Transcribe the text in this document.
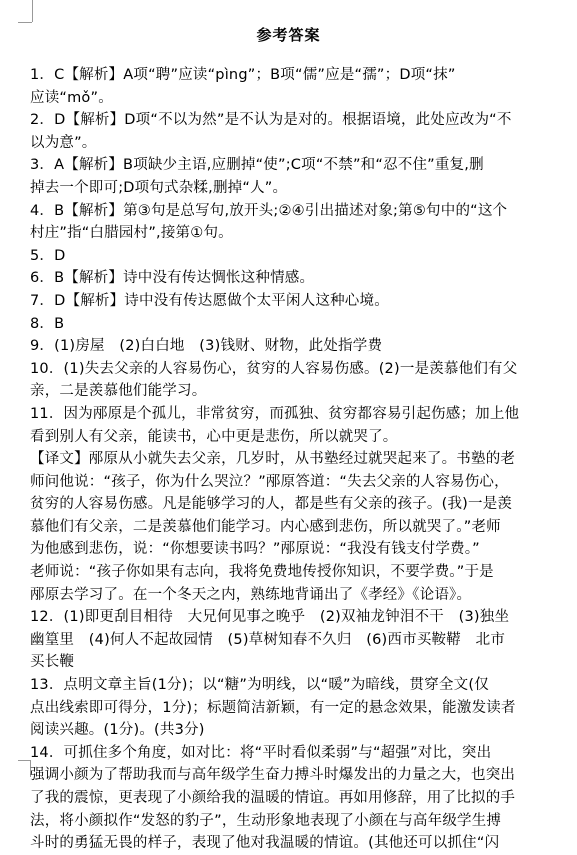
参考答案
1．C【解析】A项“聘”应读“pìng”；B项“儒”应是“孺”；D项“抹”
应读“mǒ”。
2．D【解析】D项“不以为然”是不认为是对的。根据语境，此处应改为“不
以为意”。
3．A【解析】B项缺少主语,应删掉“使”;C项“不禁”和“忍不住”重复,删
掉去一个即可;D项句式杂糅,删掉“人”。
4．B【解析】第③句是总写句,放开头;②④引出描述对象;第⑤句中的“这个
村庄”指“白腊园村”,接第①句。
5．D
6．B【解析】诗中没有传达惆怅这种情感。
7．D【解析】诗中没有传达愿做个太平闲人这种心境。
8．B
9．(1)房屋　(2)白白地　(3)钱财、财物，此处指学费
10．(1)失去父亲的人容易伤心，贫穷的人容易伤感。(2)一是羡慕他们有父
亲，二是羡慕他们能学习。
11．因为邴原是个孤儿，非常贫穷，而孤独、贫穷都容易引起伤感；加上他
看到别人有父亲，能读书，心中更是悲伤，所以就哭了。
【译文】邴原从小就失去父亲，几岁时，从书塾经过就哭起来了。书塾的老
师问他说：“孩子，你为什么哭泣？”邴原答道：“失去父亲的人容易伤心，
贫穷的人容易伤感。凡是能够学习的人，都是些有父亲的孩子。(我)一是羡
慕他们有父亲，二是羡慕他们能学习。内心感到悲伤，所以就哭了。”老师
为他感到悲伤，说：“你想要读书吗？”邴原说：“我没有钱支付学费。”
老师说：“孩子你如果有志向，我将免费地传授你知识，不要学费。”于是
邴原去学习了。在一个冬天之内，熟练地背诵出了《孝经》《论语》。
12．(1)即更刮目相待　大兄何见事之晚乎　(2)双袖龙钟泪不干　(3)独坐
幽篁里　(4)何人不起故园情　(5)草树知春不久归　(6)西市买鞍鞯　北市
买长鞭
13．点明文章主旨(1分)；以“糖”为明线，以“暖”为暗线，贯穿全文(仅
点出线索即可得分，1分)；标题简洁新颖，有一定的悬念效果，能激发读者
阅读兴趣。(1分)。(共3分)
14．可抓住多个角度，如对比：将“平时看似柔弱”与“超强”对比，突出
强调小颜为了帮助我而与高年级学生奋力搏斗时爆发出的力量之大，也突出
了我的震惊，更表现了小颜给我的温暖的情谊。再如用修辞，用了比拟的手
法，将小颜拟作“发怒的豹子”，生动形象地表现了小颜在与高年级学生搏
斗时的勇猛无畏的样子，表现了他对我温暖的情谊。(其他还可以抓住“闪
